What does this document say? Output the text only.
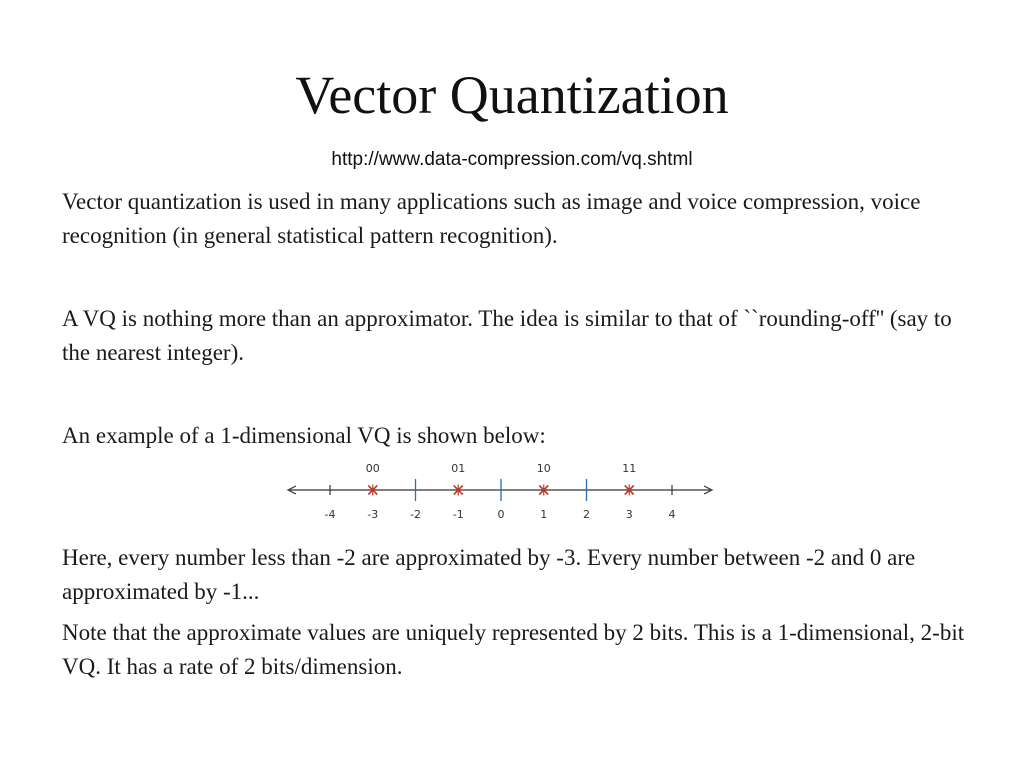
Vector Quantization
http://www.data-compression.com/vq.shtml
Vector quantization is used in many applications such as image and voice compression, voice recognition (in general statistical pattern recognition).
A VQ is nothing more than an approximator. The idea is similar to that of ``rounding-off'' (say to the nearest integer).
An example of a 1-dimensional VQ is shown below:
-4	-3	-2	-1	0	1	2	3	4
00	01	10	11
Here, every number less than -2 are approximated by -3. Every number between -2 and 0 are approximated by -1...
Note that the approximate values are uniquely represented by 2 bits. This is a 1-dimensional, 2-bit VQ. It has a rate of 2 bits/dimension.
